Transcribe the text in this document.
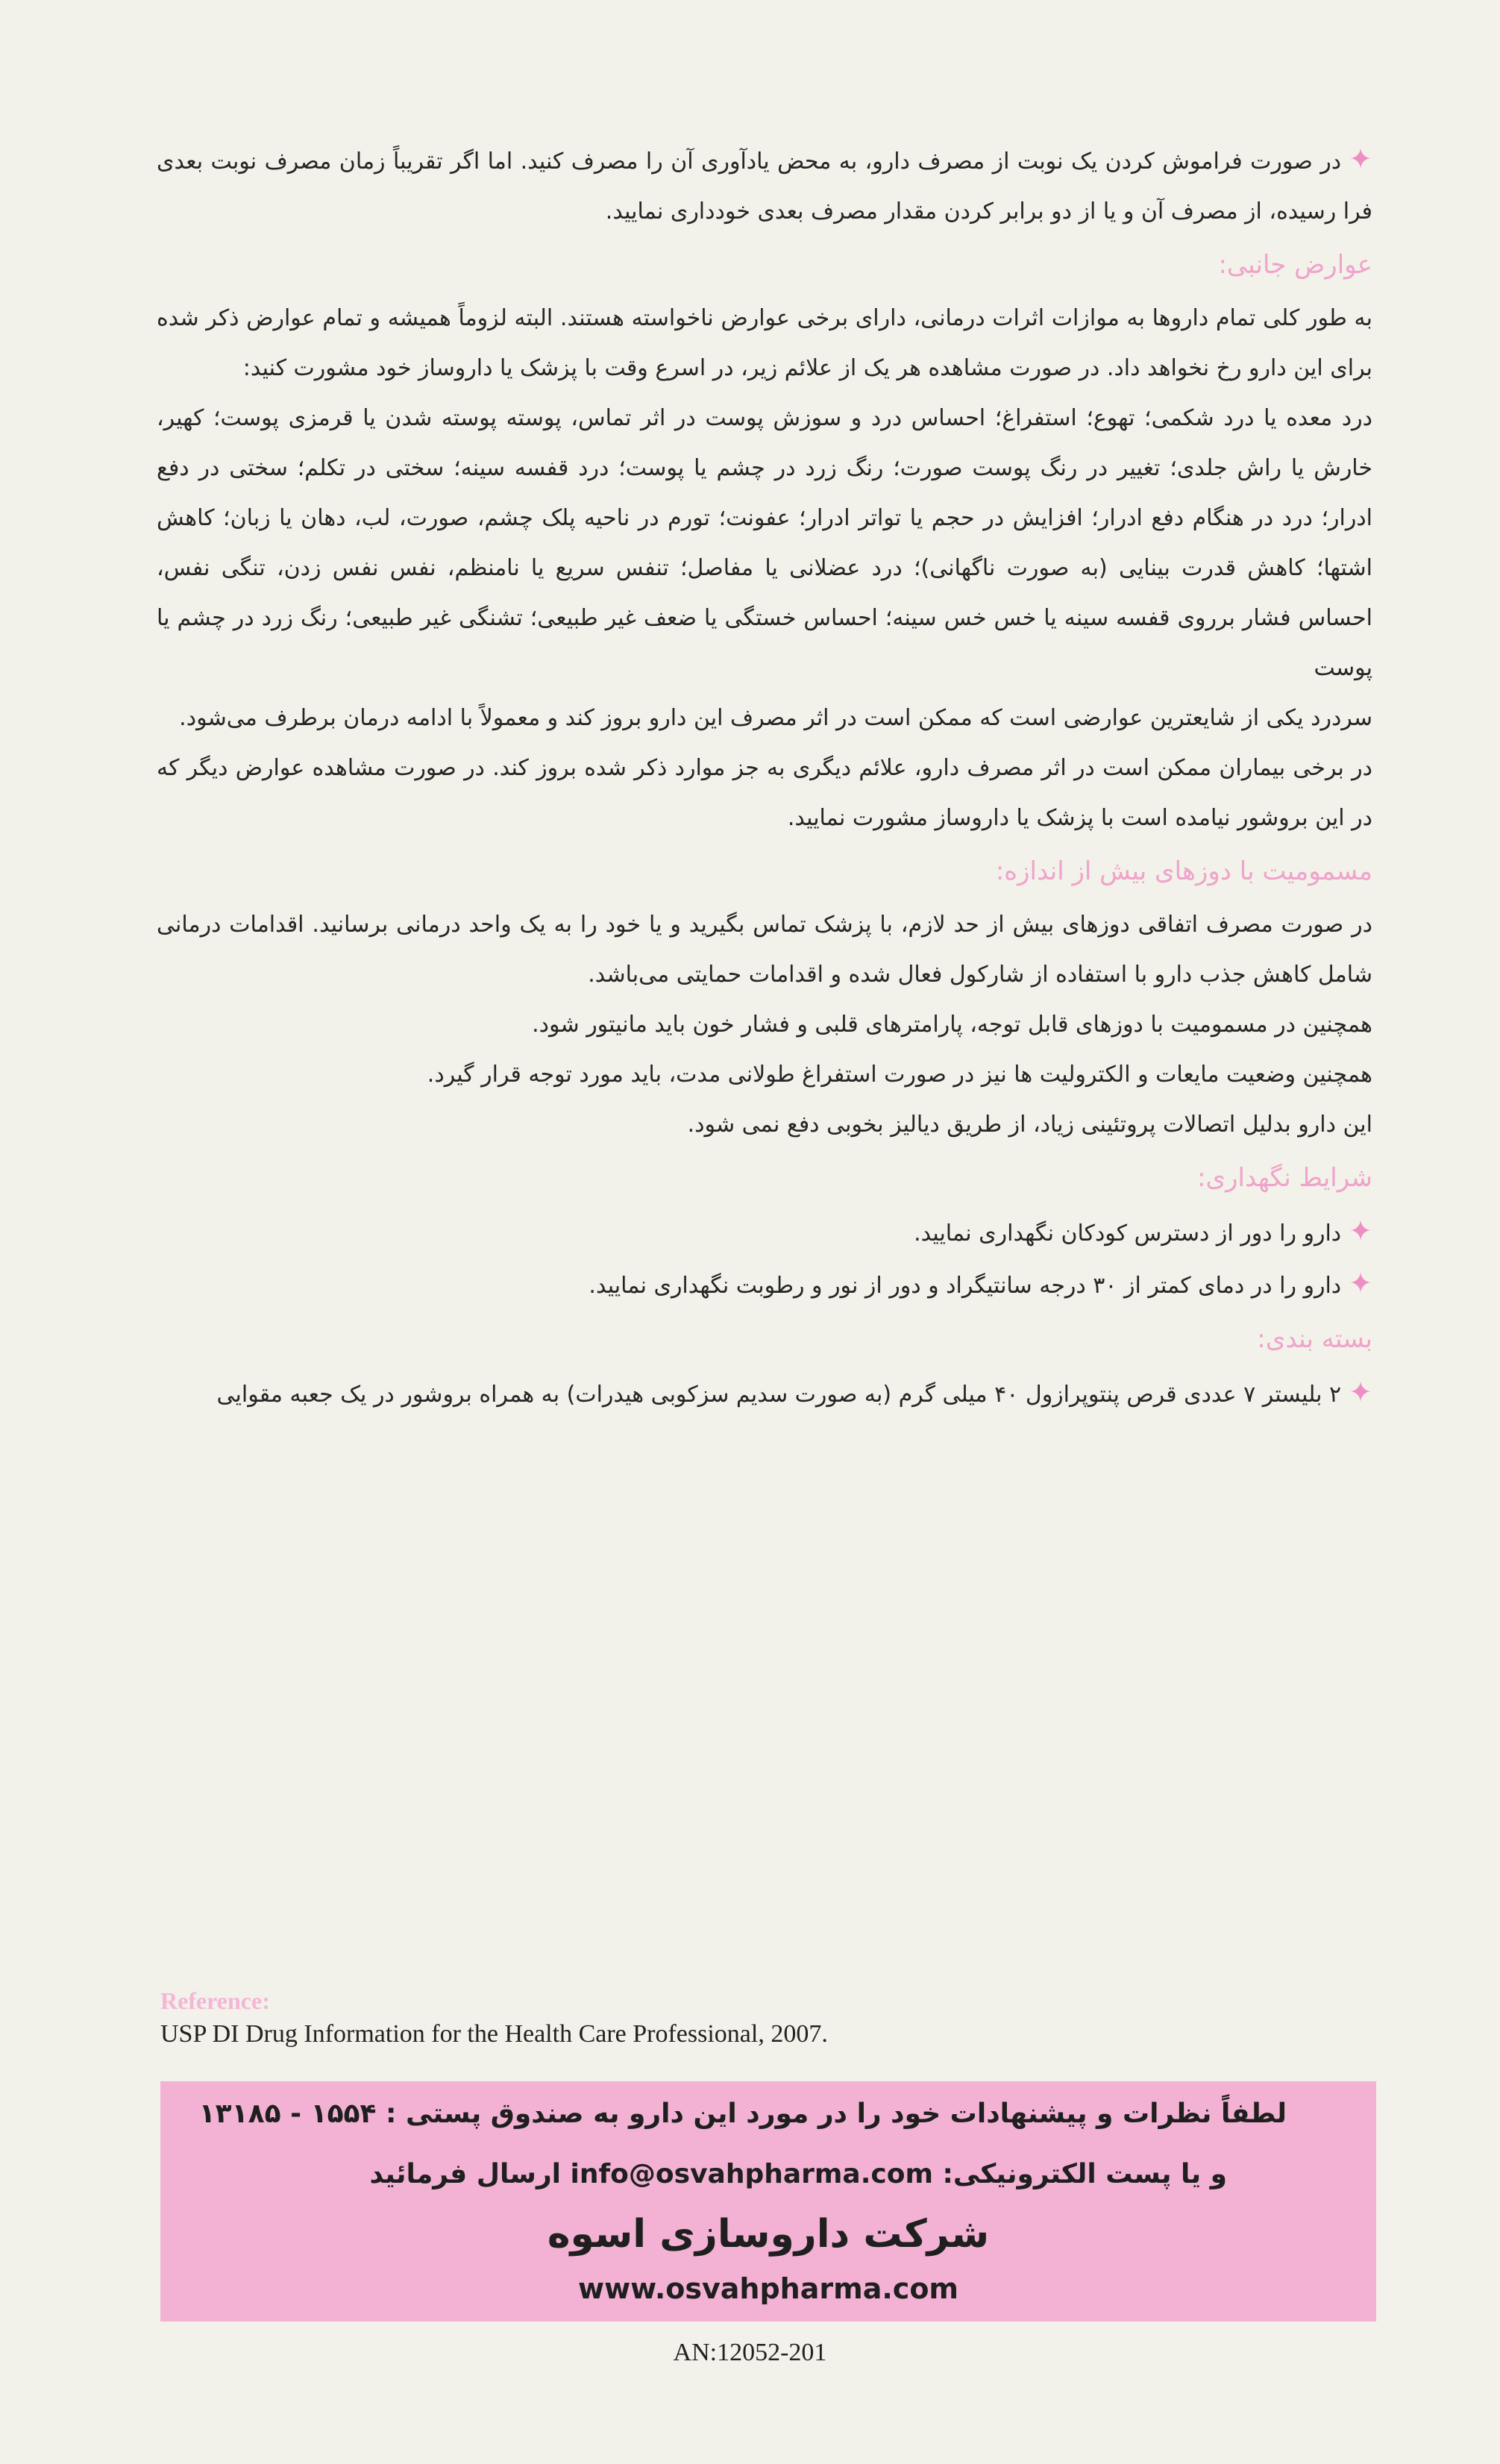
✦در صورت فراموش کردن یک نوبت از مصرف دارو، به محض یادآوری آن را مصرف کنید. اما اگر تقریباً زمان مصرف نوبت بعدی فرا رسیده، از مصرف آن و یا از دو برابر کردن مقدار مصرف بعدی خودداری نمایید.

عوارض جانبی:

به طور کلی تمام داروها به موازات اثرات درمانی، دارای برخی عوارض ناخواسته هستند. البته لزوماً همیشه و تمام عوارض ذکر شده برای این دارو رخ نخواهد داد. در صورت مشاهده هر یک از علائم زیر، در اسرع وقت با پزشک یا داروساز خود مشورت کنید:

درد معده یا درد شکمی؛ تهوع؛ استفراغ؛ احساس درد و سوزش پوست در اثر تماس، پوسته پوسته شدن یا قرمزی پوست؛ کهیر، خارش یا راش جلدی؛ تغییر در رنگ پوست صورت؛ رنگ زرد در چشم یا پوست؛ درد قفسه سینه؛ سختی در تکلم؛ سختی در دفع ادرار؛ درد در هنگام دفع ادرار؛ افزایش در حجم یا تواتر ادرار؛ عفونت؛ تورم در ناحیه پلک چشم، صورت، لب، دهان یا زبان؛ کاهش اشتها؛ کاهش قدرت بینایی (به صورت ناگهانی)؛ درد عضلانی یا مفاصل؛ تنفس سریع یا نامنظم، نفس نفس زدن، تنگی نفس، احساس فشار برروی قفسه سینه یا خس خس سینه؛ احساس خستگی یا ضعف غیر طبیعی؛ تشنگی غیر طبیعی؛ رنگ زرد در چشم یا پوست

سردرد یکی از شایعترین عوارضی است که ممکن است در اثر مصرف این دارو بروز کند و معمولاً با ادامه درمان برطرف می‌شود.

در برخی بیماران ممکن است در اثر مصرف دارو، علائم دیگری به جز موارد ذکر شده بروز کند. در صورت مشاهده عوارض دیگر که در این بروشور نیامده است با پزشک یا داروساز مشورت نمایید.

مسمومیت با دوزهای بیش از اندازه:

در صورت مصرف اتفاقی دوزهای بیش از حد لازم، با پزشک تماس بگیرید و یا خود را به یک واحد درمانی برسانید. اقدامات درمانی شامل کاهش جذب دارو با استفاده از شارکول فعال شده و اقدامات حمایتی می‌باشد.

همچنین در مسمومیت با دوزهای قابل توجه، پارامترهای قلبی و فشار خون باید مانیتور شود.

همچنین وضعیت مایعات و الکترولیت ها نیز در صورت استفراغ طولانی مدت، باید مورد توجه قرار گیرد.

این دارو بدلیل اتصالات پروتئینی زیاد، از طریق دیالیز بخوبی دفع نمی شود.

شرایط نگهداری:

✦دارو را دور از دسترس کودکان نگهداری نمایید.

✦دارو را در دمای کمتر از ۳۰ درجه سانتیگراد و دور از نور و رطوبت نگهداری نمایید.

بسته بندی:

✦۲ بلیستر ۷ عددی قرص پنتوپرازول ۴۰ میلی گرم (به صورت سدیم سزکوبی هیدرات) به همراه بروشور در یک جعبه مقوایی

Reference:
USP DI Drug Information for the Health Care Professional, 2007.
لطفاً نظرات و پیشنهادات خود را در مورد این دارو به صندوق پستی : ۱۵۵۴ - ۱۳۱۸۵
و یا پست الکترونیکی: info@osvahpharma.com ارسال فرمائید
شرکت داروسازی اسوه
www.osvahpharma.com
AN:12052-201
